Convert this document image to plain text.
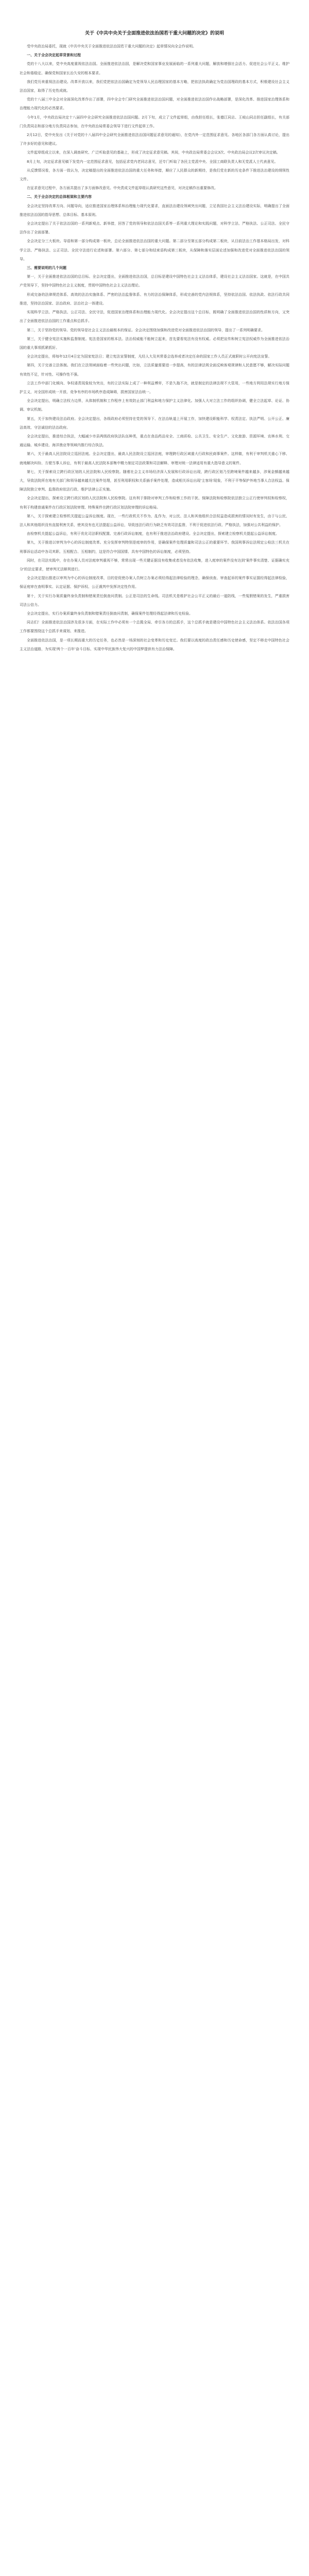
关于《中共中央关于全面推进依法治国若干重大问题的决定》的说明

受中央政治局委托，现就《中共中央关于全面推进依法治国若干重大问题的决定》起草情况向全会作说明。

一、关于全会决定起草背景和过程

党的十八大以来，党中央高度重视依法治国。全面推进依法治国，是解决党和国家事业发展面临的一系列重大问题，解放和增强社会活力、促进社会公平正义、维护社会和谐稳定、确保党和国家长治久安的根本要求。

我们党历来重视法治建设。改革开放以来，我们党把依法治国确定为党领导人民治理国家的基本方略，把依法执政确定为党治国理政的基本方式，积极建设社会主义法治国家，取得了历史性成就。

党的十八届三中全会对全面深化改革作出了部署，四中全会专门研究全面推进依法治国问题，对全面推进依法治国作出战略部署，是深化改革、推进国家治理体系和治理能力现代化的必然要求。

今年1月，中央政治局决定十八届四中全会研究全面推进依法治国问题。2月下旬，成立了文件起草组，由我担任组长，张德江同志、王岐山同志担任副组长，有关部门负责同志和部分地方负责同志参加，在中央政治局常委会领导下进行文件起草工作。

2月12日，党中央发出《关于对党的十八届四中全会研究全面推进依法治国问题征求意见的通知》，在党内外一定范围征求意见。各地区各部门各方面认真讨论，提出了许多好的意见和建议。

文件起草组成立以来，在深入调查研究、广泛听取意见的基础上，形成了决定征求意见稿。其间，中央政治局常委会会议3次、中央政治局会议2次审议决定稿。

8月上旬，决定征求意见稿下发党内一定范围征求意见，包括征求党内老同志意见，还专门听取了各民主党派中央、全国工商联负责人和无党派人士代表意见。

从反馈情况看，各方面一致认为，决定稿提出的全面推进依法治国的重大任务和举措，顺应了人民群众的新期待，是我们党在新的历史条件下推进法治建设的纲领性文件。

在征求意见过程中，各方面共提出了多方面修改意见。中央责成文件起草组认真研究这些意见，对决定稿作出重要修改。

二、关于全会决定的总体框架和主要内容

全会决定坚持改革方向、问题导向，适应推进国家治理体系和治理能力现代化要求，直面法治建设领域突出问题，立足我国社会主义法治建设实际，明确提出了全面推进依法治国的指导思想、总体目标、基本原则。

全会决定提出了关于依法治国的一系列新观点、新举措，回答了党的领导和依法治国关系等一系列重大理论和实践问题，对科学立法、严格执法、公正司法、全民守法作出了全面部署。

全会决定分三大板块。导语和第一部分构成第一板块，总论全面推进依法治国的重大问题。第二部分至第五部分构成第二板块，从目前法治工作基本格局出发，对科学立法、严格执法、公正司法、全民守法进行论述和部署。第六部分、第七部分和结束语构成第三板块，从保障和落实层面论述加强和改进党对全面推进依法治国的领导。

三、需要说明的几个问题

第一，关于全面推进依法治国的总目标。全会决定提出，全面推进依法治国，总目标是建设中国特色社会主义法治体系，建设社会主义法治国家。这就是，在中国共产党领导下，坚持中国特色社会主义制度，贯彻中国特色社会主义法治理论。

形成完备的法律规范体系、高效的法治实施体系、严密的法治监督体系、有力的法治保障体系，形成完善的党内法规体系，坚持依法治国、依法执政、依法行政共同推进，坚持法治国家、法治政府、法治社会一体建设。

实现科学立法、严格执法、公正司法、全民守法，促进国家治理体系和治理能力现代化。全会决定提出这个总目标，既明确了全面推进依法治国的性质和方向，又突出了全面推进依法治国的工作重点和总抓手。

第二，关于坚持党的领导。党的领导是社会主义法治最根本的保证。全会决定围绕加强和改进党对全面推进依法治国的领导，提出了一系列明确要求。

第三，关于健全宪法实施和监督制度。宪法是国家的根本法。法治权威能不能树立起来，首先要看宪法有没有权威。必须把宣传和树立宪法权威作为全面推进依法治国的重大事项抓紧抓好。

全会决定提出，将每年12月4日定为国家宪法日；建立宪法宣誓制度，凡经人大及其常委会选举或者决定任命的国家工作人员正式就职时公开向宪法宣誓。

第四，关于完善立法体制。我们在立法领域面临着一些突出问题，比如，立法质量需要进一步提高，有的法律法规全面反映客观规律和人民意愿不够，解决实际问题有效性不足，针对性、可操作性不强。

立法工作中部门化倾向、争权诿责现象较为突出，有的立法实际上成了一种利益博弈，不是久拖不决，就是制定的法律法规不大管用，一些地方利用法规实行地方保护主义，对全国形成统一开放、竞争有序的市场秩序造成障碍，损害国家法治统一。

全会决定提出，明确立法权力边界，从体制机制和工作程序上有效防止部门利益和地方保护主义法律化。加强人大对立法工作的组织协调，健全立法起草、论证、协调、审议机制。

第五，关于加快建设法治政府。全会决定提出，各级政府必须坚持在党的领导下、在法治轨道上开展工作，加快建设职能科学、权责法定、执法严明、公开公正、廉洁高效、守法诚信的法治政府。

全会决定提出，推进综合执法，大幅减少市县两级政府执法队伍种类，重点在食品药品安全、工商质检、公共卫生、安全生产、文化旅游、资源环境、农林水利、交通运输、城乡建设、海洋渔业等领域内推行综合执法。

第六，关于最高人民法院设立巡回法庭。全会决定提出，最高人民法院设立巡回法庭，审理跨行政区域重大行政和民商事案件。这样做，有利于审判机关重心下移、就地解决纠纷、方便当事人诉讼，有利于最高人民法院本部集中精力制定司法政策和司法解释、审理对统一法律适用有重大指导意义的案件。

第七，关于探索设立跨行政区划的人民法院和人民检察院。随着社会主义市场经济深入发展和行政诉讼出现，跨行政区划乃至跨境案件越来越多，涉案金额越来越大，导致法院所在地有关部门和领导越来越关注案件处理，甚至利用职权和关系插手案件处理，造成相关诉讼出现'主客场'现象，不利于平等保护外地当事人合法权益、保障法院独立审判、监督政府依法行政、维护法律公正实施。

全会决定提出，探索设立跨行政区划的人民法院和人民检察院。这有利于排除对审判工作和检察工作的干扰、保障法院和检察院依法独立公正行使审判权和检察权，有利于构建普通案件在行政区划法院审理、特殊案件在跨行政区划法院审理的诉讼格局。

第八，关于探索建立检察机关提起公益诉讼制度。现在，一些行政机关不作为、乱作为，对公民、法人和其他组织合法权益造成损害的情况时有发生，由于与公民、法人和其他组织没有直接利害关系，使其没有也无法提起公益诉讼，导致违法行政行为缺乏有效司法监督，不利于促进依法行政、严格执法，加强对公共利益的保护。

由检察机关提起公益诉讼，有利于优化司法职权配置、完善行政诉讼制度，也有利于推进法治政府建设。全会决定提出，探索建立检察机关提起公益诉讼制度。

第九，关于推进以审判为中心的诉讼制度改革。充分发挥审判特别是庭审的作用，是确保案件处理质量和司法公正的重要环节。我国刑事诉讼法规定公检法三机关在刑事诉讼活动中各司其职、互相配合、互相制约，这是符合中国国情、具有中国特色的诉讼制度，必须坚持。

同时，在司法实践中，存在办案人员对法庭审判重视不够，常常出现一些关键证据没有收集或者没有依法收集，进入庭审的案件没有达到'案件事实清楚、证据确实充分'的法定要求，使审判无法顺利进行。

全会决定提出推进以审判为中心的诉讼制度改革，目的是促使办案人员树立办案必须经得起法律检验的理念，确保侦查、审查起诉的案件事实证据经得起法律检验，保证庭审在查明事实、认定证据、保护诉权、公正裁判中发挥决定性作用。

第十，关于实行办案质量终身负责制和错案责任倒查问责制。公正是司法的生命线。司法机关是维护社会公平正义的最后一道防线，一些冤假错案的发生，严重损害司法公信力。

全会决定提出，实行办案质量终身负责制和错案责任倒查问责制，确保案件处理经得起法律和历史检验。

同志们！全面推进依法治国涉及很多方面，在实际工作中必须有一个总揽全局、牵引各方的总抓手，这个总抓手就是建设中国特色社会主义法治体系。依法治国各项工作都要围绕这个总抓手来谋划、来推进。

全面推进依法治国，是一项长期而重大的历史任务，也必然是一场深刻的社会变革和历史变迁。我们要以高度的政治责任感和历史使命感，坚定不移走中国特色社会主义法治道路，为实现'两个一百年'奋斗目标、实现中华民族伟大复兴的中国梦提供有力法治保障。
